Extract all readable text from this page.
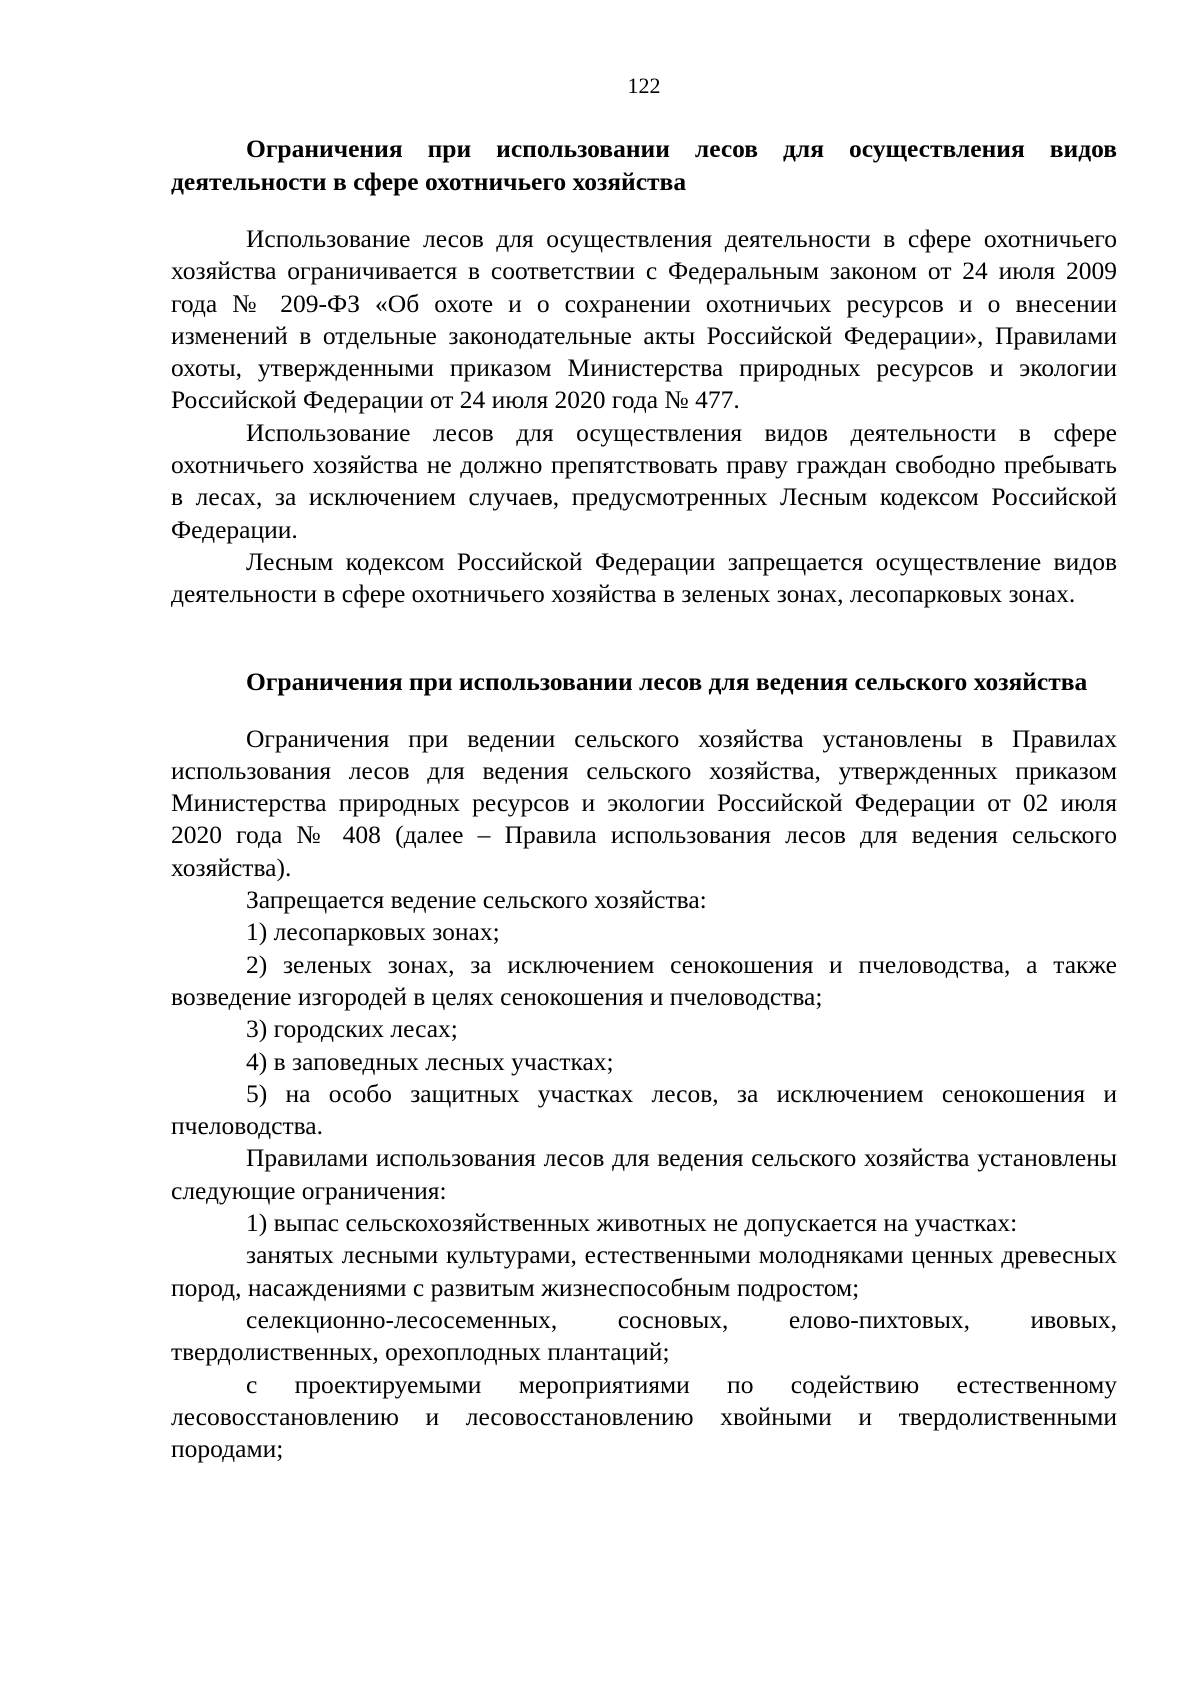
122
Ограничения при использовании лесов для осуществления видов деятельности в сфере охотничьего хозяйства

Использование лесов для осуществления деятельности в сфере охотничьего хозяйства ограничивается в соответствии с Федеральным законом от 24 июля 2009 года № 209-ФЗ «Об охоте и о сохранении охотничьих ресурсов и о внесении изменений в отдельные законодательные акты Российской Федерации», Правилами охоты, утвержденными приказом Министерства природных ресурсов и экологии Российской Федерации от 24 июля 2020 года № 477.

Использование лесов для осуществления видов деятельности в сфере охотничьего хозяйства не должно препятствовать праву граждан свободно пребывать в лесах, за исключением случаев, предусмотренных Лесным кодексом Российской Федерации.

Лесным кодексом Российской Федерации запрещается осуществление видов деятельности в сфере охотничьего хозяйства в зеленых зонах, лесопарковых зонах.

Ограничения при использовании лесов для ведения сельского хозяйства

Ограничения при ведении сельского хозяйства установлены в Правилах использования лесов для ведения сельского хозяйства, утвержденных приказом Министерства природных ресурсов и экологии Российской Федерации от 02 июля 2020 года № 408 (далее – Правила использования лесов для ведения сельского хозяйства).

Запрещается ведение сельского хозяйства:

1) лесопарковых зонах;

2) зеленых зонах, за исключением сенокошения и пчеловодства, а также возведение изгородей в целях сенокошения и пчеловодства;

3) городских лесах;

4) в заповедных лесных участках;

5) на особо защитных участках лесов, за исключением сенокошения и пчеловодства.

Правилами использования лесов для ведения сельского хозяйства установлены следующие ограничения:

1) выпас сельскохозяйственных животных не допускается на участках:

занятых лесными культурами, естественными молодняками ценных древесных пород, насаждениями с развитым жизнеспособным подростом;

селекционно-лесосеменных, сосновых, елово-пихтовых, ивовых, твердолиственных, орехоплодных плантаций;

с проектируемыми мероприятиями по содействию естественному лесовосстановлению и лесовосстановлению хвойными и твердолиственными породами;
